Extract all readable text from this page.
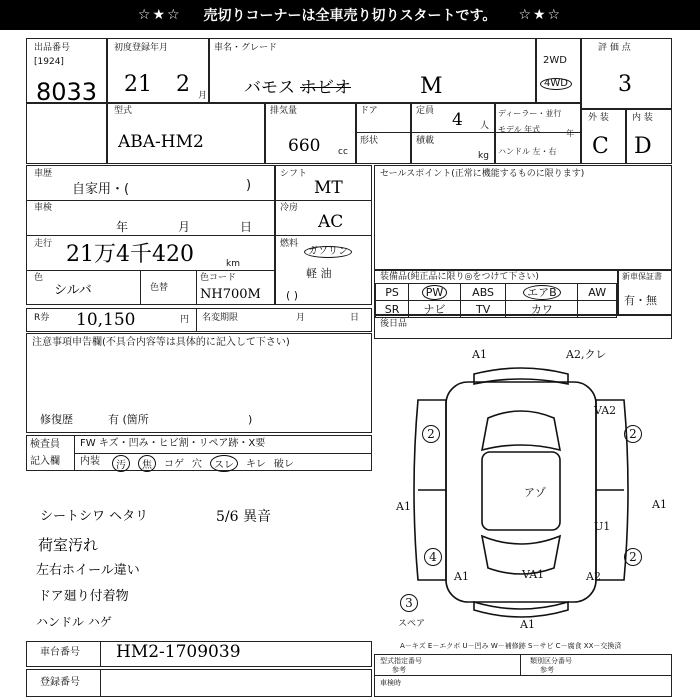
☆★☆ 売切りコーナーは全車売り切りスタートです。 ☆★☆
出品番号
[1924]
8033
初度登録年月
21 2 月
車名・グレード
バモス ホビオ	M
2WD
4WD
評 価 点
3
型式
ABA-HM2
排気量
660 cc
ドア	定員 4 人
形状	積載
kg
ディーラー・並行
モデル 年式	年
ハンドル 左・右
外 装	内 装
C D
車歴
自家用・(	)
車検
年	月	日
走行 21万4千420	km
色
シルバ	色替
色コード
NH700M
シフト
MT
冷房
AC
燃料
ガソリン
軽 油
( )
セールスポイント(正常に機能するものに限ります)
装備品(純正品に限り◎をつけて下さい)	新車保証書
有・無
PS	PW	ABS	エアB	AW
SR	ナビ	TV	カワ	
後日品
R券 10,150	円 名変期限	月	日
注意事項申告欄(不具合内容等は具体的に記入して下さい)
修復歴	有 (箇所	)
検査員
記入欄
FW キズ・凹み・ヒビ割・リペア跡・X要
内装	汚	焦	コゲ 穴	スレ	キレ 破レ
シートシワ ヘタリ
荷室汚れ
左右ホイール違い
ドア廻り付着物
ハンドル ハゲ
5/6 異音
A1	A2,クレ
VA2
A1	A1
VA1
U1
A1	A2
A1
アゾ
2	2
4	2
3
スペア
A－キズ E－エクボ U－凹み W－補修跡 S－サビ C－腐食 XX－交換済
車台番号 HM2-1709039
登録番号
型式指定番号
参考
類別区分番号
参考
車検時
